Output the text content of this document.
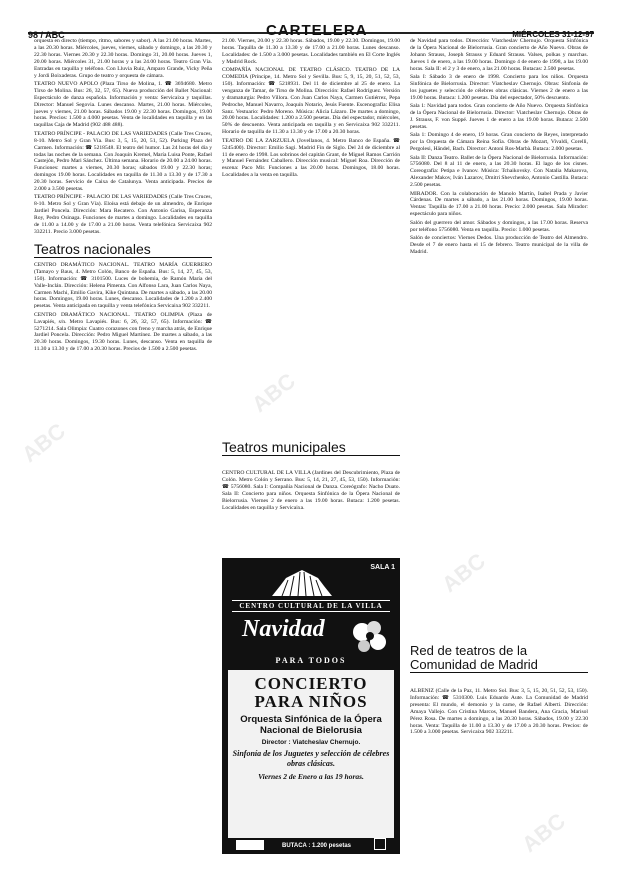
98 / ABC	CARTELERA	MIÉRCOLES 31-12-97

orquesta en directo (tiempo, ritmo, sabores y sabor). A las 21.00 horas. Martes, a las 20.30 horas. Miércoles, jueves, viernes, sábado y domingo, a las 20.30 y 22.30 horas. Viernes 20.30 y 22.30 horas. Domingo 31, 20.00 horas. Jueves 1, 20.00 horas. Miércoles 31, 21.00 horas y a las 24.00 horas. Teatro Gran Vía. Entradas en taquilla y teléfono. Con Lluvia Ruiz, Amparo Grande, Vicky Peña y Jordi Boixaderas. Grupo de teatro y orquesta de cámara.

TEATRO NUEVO APOLO (Plaza Tirso de Molina, 1. ☎ 3694680. Metro Tirso de Molina. Bus: 26, 32, 57, 65). Nueva producción del Ballet Nacional: Espectáculo de danza española. Información y venta: Servicaixa y taquillas. Director: Manuel Segovia. Lunes descanso. Martes, 21.00 horas. Miércoles, jueves y viernes, 21.00 horas. Sábados 19.00 y 22.30 horas. Domingos, 19.00 horas. Precios: 1.500 a 4.000 pesetas. Venta de localidades en taquilla y en las taquillas Caja de Madrid (902 488 488).

TEATRO PRÍNCIPE - PALACIO DE LAS VARIEDADES (Calle Tres Cruces, 8-10. Metro Sol y Gran Vía. Bus: 3, 5, 15, 20, 51, 52). Parking Plaza del Carmen. Información: ☎ 5218548. El teatro del humor. Las 24 horas del día y todas las noches de la semana. Con Joaquín Kremel, María Luisa Ponte, Rafael Castejón, Pedro Mari Sánchez. Última semana. Horario de 20.00 a 24.00 horas. Funciones: martes a viernes, 20.30 horas; sábados 19.00 y 22.30 horas; domingos 19.00 horas. Localidades en taquilla de 11.30 a 13.30 y de 17.30 a 20.30 horas. Servicio de Caixa de Catalunya. Venta anticipada. Precios de 2.000 a 3.500 pesetas.

TEATRO PRÍNCIPE - PALACIO DE LAS VARIEDADES (Calle Tres Cruces, 8-10. Metro Sol y Gran Vía). Eloísa está debajo de un almendro, de Enrique Jardiel Poncela. Dirección: Mara Recatero. Con Antonio Garisa, Esperanza Roy, Pedro Osinaga. Funciones de martes a domingo. Localidades en taquilla de 11.00 a 14.00 y de 17.00 a 21.00 horas. Venta telefónica Servicaixa 902 332211. Precio 3.000 pesetas.

Teatros nacionales

CENTRO DRAMÁTICO NACIONAL. TEATRO MARÍA GUERRERO (Tamayo y Baus, 4. Metro Colón, Banco de España. Bus: 5, 14, 27, 45, 53, 150). Información: ☎ 3101500. Luces de bohemia, de Ramón María del Valle-Inclán. Dirección: Helena Pimenta. Con Alfonso Lara, Juan Carlos Naya, Carmen Machi, Emilio Gavira, Kike Quintana. De martes a sábado, a las 20.00 horas. Domingos, 19.00 horas. Lunes, descanso. Localidades de 1.200 a 2.400 pesetas. Venta anticipada en taquilla y venta telefónica Servicaixa 902 332211.

CENTRO DRAMÁTICO NACIONAL. TEATRO OLIMPIA (Plaza de Lavapiés, s/n. Metro Lavapiés. Bus: 6, 26, 32, 57, 65). Información: ☎ 5271214. Sala Olimpia: Cuatro corazones con freno y marcha atrás, de Enrique Jardiel Poncela. Dirección: Pedro Miguel Martínez. De martes a sábado, a las 20.30 horas. Domingos, 19.30 horas. Lunes, descanso. Venta en taquilla de 11.30 a 13.30 y de 17.00 a 20.30 horas. Precios de 1.500 a 2.500 pesetas.

21.00. Viernes, 20.00 y 22.30 horas. Sábados, 19.00 y 22.30. Domingos, 19.00 horas. Taquilla de 11.30 a 13.30 y de 17.00 a 21.00 horas. Lunes descanso. Localidades: de 1.500 a 3.000 pesetas. Localidades también en El Corte Inglés y Madrid Rock.

COMPAÑÍA NACIONAL DE TEATRO CLÁSICO. TEATRO DE LA COMEDIA (Príncipe, 14. Metro Sol y Sevilla. Bus: 5, 9, 15, 20, 51, 52, 53, 150). Información: ☎ 5218931. Del 11 de diciembre al 25 de enero. La venganza de Tamar, de Tirso de Molina. Dirección: Rafael Rodríguez. Versión y dramaturgia: Pedro Villora. Con Juan Carlos Naya, Carmen Gutiérrez, Pepa Pedroche, Manuel Navarro, Joaquín Notario, Jesús Fuente. Escenografía: Elisa Sanz. Vestuario: Pedro Moreno. Música: Alicia Lázaro. De martes a domingo, 20.00 horas. Localidades: 1.200 a 2.500 pesetas. Día del espectador, miércoles, 50% de descuento. Venta anticipada en taquilla y en Servicaixa 902 332211. Horario de taquilla de 11.30 a 13.30 y de 17.00 a 20.30 horas.

TEATRO DE LA ZARZUELA (Jovellanos, 4. Metro Banco de España. ☎ 5245400). Director: Emilio Sagi. Madrid Fin de Siglo. Del 24 de diciembre al 11 de enero de 1998. Los sobrinos del capitán Grant, de Miguel Ramos Carrión y Manuel Fernández Caballero. Dirección musical: Miguel Roa. Dirección de escena: Paco Mir. Funciones a las 20.00 horas. Domingos, 18.00 horas. Localidades a la venta en taquilla.

Teatros municipales

CENTRO CULTURAL DE LA VILLA (Jardines del Descubrimiento, Plaza de Colón. Metro Colón y Serrano. Bus: 5, 14, 21, 27, 45, 53, 150). Información: ☎ 5756080. Sala I: Compañía Nacional de Danza. Coreógrafo: Nacho Duato. Sala II: Concierto para niños. Orquesta Sinfónica de la Ópera Nacional de Bielorrusia. Viernes 2 de enero a las 19.00 horas. Butaca: 1.200 pesetas. Localidades en taquilla y Servicaixa.

SALA 1
CENTRO CULTURAL DE LA VILLA
Navidad
PARA TODOS
CONCIERTO
PARA NIÑOS
Orquesta Sinfónica de la Ópera Nacional de Bielorusia
Director : Viatcheslav Chernujo.
Sinfonía de los Juguetes y selección de célebres obras clásicas.
Viernes 2 de Enero a las 19 horas.
BUTACA : 1.200 pesetas

de Navidad para todos. Dirección: Viatcheslav Chernujo. Orquesta Sinfónica de la Ópera Nacional de Bielorrusia. Gran concierto de Año Nuevo. Obras de Johann Strauss, Joseph Strauss y Eduard Strauss. Valses, polkas y marchas. Jueves 1 de enero, a las 19.00 horas. Domingo 4 de enero de 1998, a las 19.00 horas. Sala II: el 2 y 3 de enero, a las 21.00 horas. Butacas: 2.500 pesetas.

Sala I: Sábado 3 de enero de 1998. Concierto para los niños. Orquesta Sinfónica de Bielorrusia. Director: Viatcheslav Chernujo. Obras: Sinfonía de los juguetes y selección de célebres obras clásicas. Viernes 2 de enero a las 19.00 horas. Butaca: 1.200 pesetas. Día del espectador, 50% descuento.

Sala 1: Navidad para todos. Gran concierto de Año Nuevo. Orquesta Sinfónica de la Ópera Nacional de Bielorrusia. Director: Viatcheslav Chernujo. Obras de J. Strauss, F. von Suppé. Jueves 1 de enero a las 19.00 horas. Butaca: 2.500 pesetas.

Sala 1: Domingo 4 de enero, 19 horas. Gran concierto de Reyes, interpretado por la Orquesta de Cámara Reina Sofía. Obras de Mozart, Vivaldi, Corelli, Pergolesi, Händel, Bach. Director: Antoni Ros-Marbà. Butaca: 2.000 pesetas.

Sala II: Danza Teatro. Ballet de la Ópera Nacional de Bielorrusia. Información: 5756080. Del 8 al 11 de enero, a las 20.30 horas. El lago de los cisnes. Coreografía: Petipa e Ivanov. Música: Tchaikovsky. Con Natalia Makarova, Alexander Makov, Iván Lazarov, Dmitri Shevchenko, Antonio Castilla. Butaca: 2.500 pesetas.

MIRADOR. Con la colaboración de Manolo Martín, Isabel Prada y Javier Cárdenas. De martes a sábado, a las 21.00 horas. Domingos, 19.00 horas. Ventas: Taquilla de 17.00 a 21.00 horas. Precio: 2.000 pesetas. Sala Mirador: espectáculo para niños.

Salón del guerrero del amor. Sábados y domingos, a las 17.00 horas. Reserva por teléfono 5756080. Venta en taquilla. Precio: 1.000 pesetas.

Salón de conciertos: Viernes Dedos. Una producción de Teatro del Almendro. Desde el 7 de enero hasta el 15 de febrero. Teatro municipal de la villa de Madrid.

Red de teatros de la Comunidad de Madrid

ALBÉNIZ (Calle de la Paz, 11. Metro Sol. Bus: 3, 5, 15, 20, 51, 52, 53, 150). Información: ☎ 5310300. Luis Eduardo Aute. La Comunidad de Madrid presenta: El mundo, el demonio y la carne, de Rafael Alberti. Dirección: Amaya Vallejo. Con Cristina Marcos, Manuel Bandera, Ana Gracia, Marisol Pérez Rosa. De martes a domingo, a las 20.30 horas. Sábados, 19.00 y 22.30 horas. Venta: Taquilla de 11.00 a 13.30 y de 17.00 a 20.30 horas. Precios: de 1.500 a 3.000 pesetas. Servicaixa 902 332211.

ABC
ABC
ABC
ABC
